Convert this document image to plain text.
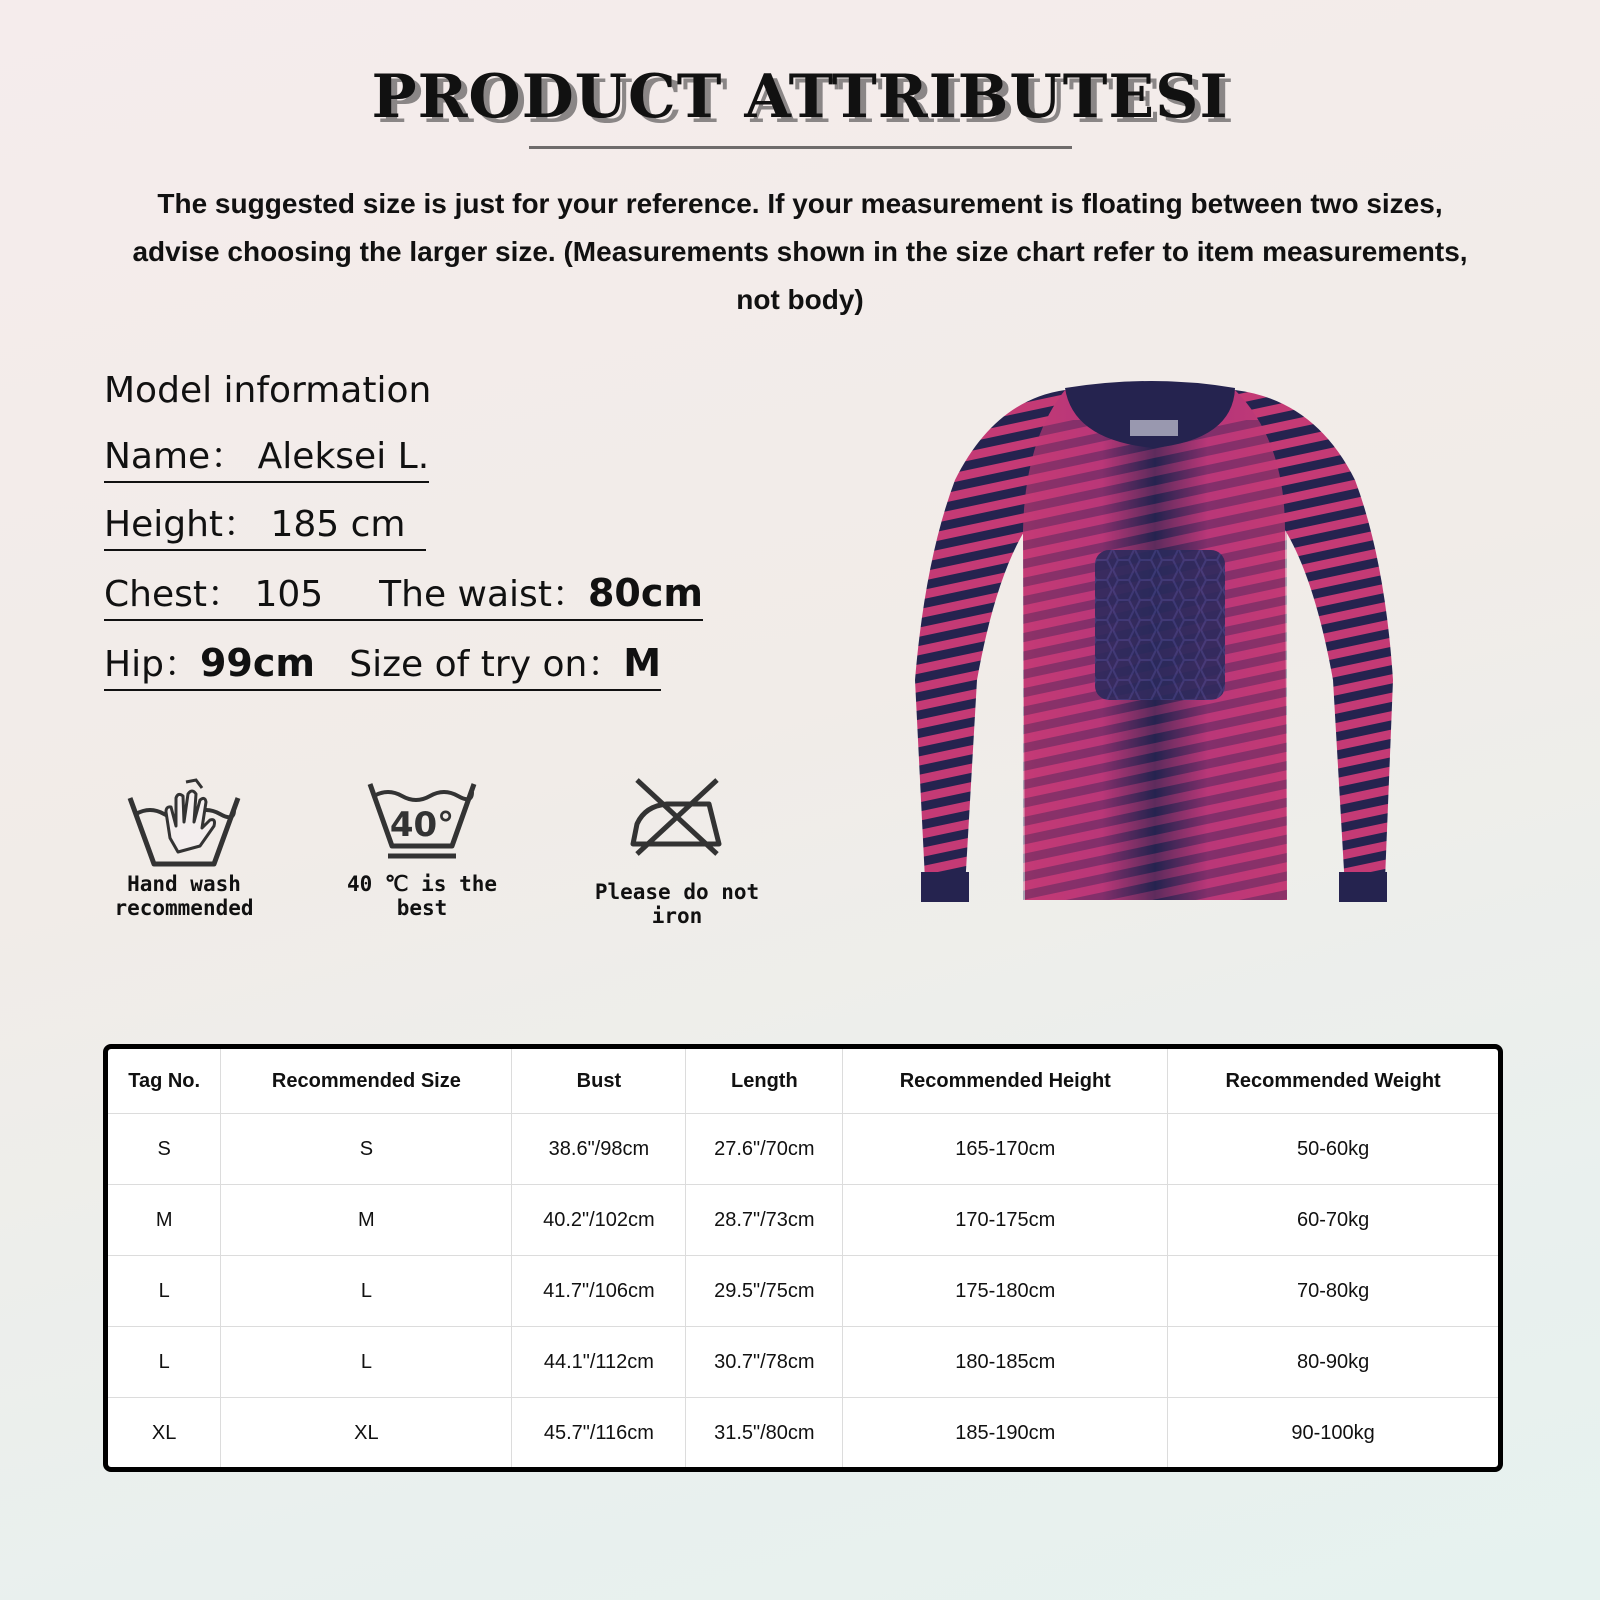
PRODUCT ATTRIBUTESI
The suggested size is just for your reference. If your measurement is floating between two sizes, advise choosing the larger size. (Measurements shown in the size chart refer to item measurements, not body)
Model information
Name： Aleksei L.
Height： 185 cm
Chest： 105 The waist：80cm
Hip：99cm Size of try on：M
Hand wash
recommended
40°
40 ℃ is the best
Please do not iron
Tag No.	Recommended Size	Bust	Length	Recommended Height	Recommended Weight
S	S	38.6"/98cm	27.6"/70cm	165-170cm	50-60kg
M	M	40.2"/102cm	28.7"/73cm	170-175cm	60-70kg
L	L	41.7"/106cm	29.5"/75cm	175-180cm	70-80kg
L	L	44.1"/112cm	30.7"/78cm	180-185cm	80-90kg
XL	XL	45.7"/116cm	31.5"/80cm	185-190cm	90-100kg
